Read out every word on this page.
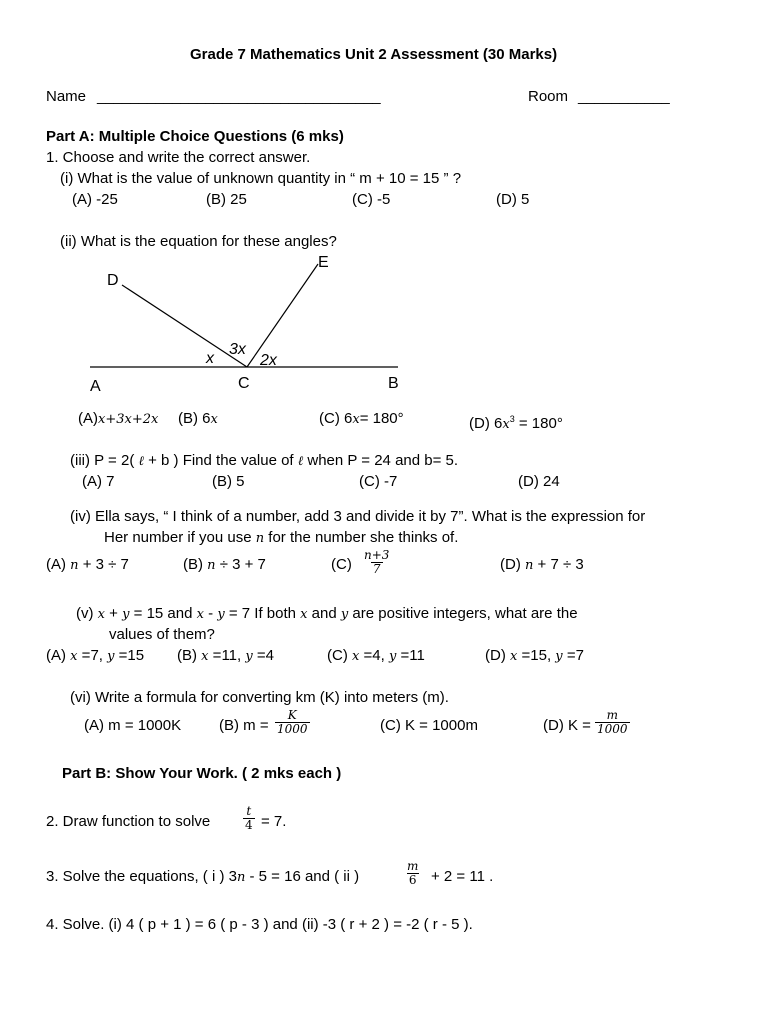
Grade 7 Mathematics Unit 2 Assessment (30 Marks)
Name __________________________________	Room ___________
Part A: Multiple Choice Questions (6 mks)
1. Choose and write the correct answer.
(i) What is the value of unknown quantity in “ m + 10 = 15 ” ?
(A) -25	(B) 25	(C) -5	(D) 5
(ii) What is the equation for these angles?
D
E
A	C	B
x
3x
2x
(A)x+3x+2x (B) 6x	(C) 6x= 180°	(D) $6x^3 = 180^\circ$
(iii) P = 2( ℓ + b ) Find the value of ℓ when P = 24 and b= 5.
(A) 7	(B) 5	(C) -7	(D) 24
(iv) Ella says, “ I think of a number, add 3 and divide it by 7”. What is the expression for
Her number if you use n for the number she thinks of.
(A) n + 3 ÷ 7	(B) n ÷ 3 + 7	$(C) \frac{n+3}{7}$	(D) n + 7 ÷ 3
(v) x + y = 15 and x - y = 7 If both x and y are positive integers, what are the
values of them?
(A) x =7, y =15 (B) x =11, y =4	(C) x =4, y =11	(D) x =15, y =7
(vi) Write a formula for converting km (K) into meters (m).
(A) m = 1000K	(B) $m = \frac{K}{1000}$	(C) K = 1000m	(D) $K = \frac{m}{1000}$
Part B: Show Your Work. ( 2 mks each )
2. Draw function to solve	$\frac{t}{4} = 7$.
3. Solve the equations, ( i ) 3n - 5 = 16 and ( ii )	$\frac{m}{6} + 2 = 11$ .
4. Solve. (i) 4 ( p + 1 ) = 6 ( p - 3 ) and (ii) -3 ( r + 2 ) = -2 ( r - 5 ).
